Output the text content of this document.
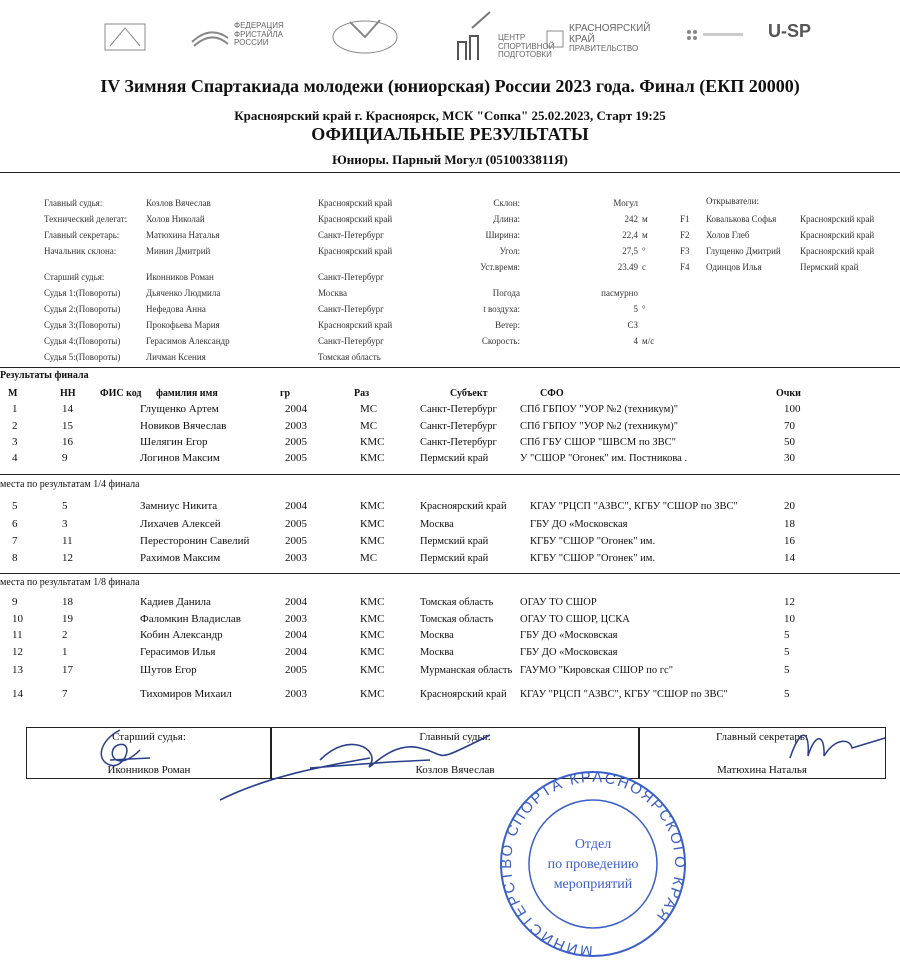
ФЕДЕРАЦИЯ
ФРИСТАЙЛА
РОССИИ
ЦЕНТР
СПОРТИВНОЙ
ПОДГОТОВКИ
КРАСНОЯРСКИЙ
КРАЙ
ПРАВИТЕЛЬСТВО
U-SP
IV Зимняя Спартакиада молодежи (юниорская) России 2023 года. Финал (ЕКП 20000)
Красноярский край г. Красноярск, МСК "Сопка" 25.02.2023, Старт 19:25
ОФИЦИАЛЬНЫЕ РЕЗУЛЬТАТЫ
Юниоры. Парный Могул (0510033811Я)
Главный судья:	Козлов Вячеслав	Красноярский край
Технический делегат: Холов Николай	Красноярский край
Главный секретарь:	Матюхина Наталья	Санкт-Петербург
Начальник склона:	Минин Дмитрий	Красноярский край
Старший судья:	Иконников Роман	Санкт-Петербург
Судья 1:(Повороты)	Дьяченко Людмила	Москва
Судья 2:(Повороты)	Нефедова Анна	Санкт-Петербург
Судья 3:(Повороты)	Прокофьева Мария	Красноярский край
Судья 4:(Повороты)	Герасимов Александр	Санкт-Петербург
Судья 5:(Повороты)	Личман Ксения	Томская область
Склон:	Могул
Длина:	242 м
Ширина:	22,4 м
Угол:	27,5 °
Уст.время:	23.49 с
Погода	пасмурно
t воздуха:	5 °
Ветер:	СЗ
Скорость:	4 м/с
Открыватели:
F1 Ковалькова Софья	Красноярский край
F2 Холов Глеб	Красноярский край
F3 Глущенко Дмитрий Красноярский край
F4 Одинцов Илья	Пермский край
Результаты финала
М	НН ФИС код фамилия имя	гр	Раз	Субъект	СФО	Очки
1	14	Глущенко Артем	2004	МС	Санкт-Петербург	СПб ГБПОУ "УОР №2 (техникум)"	100
2	15	Новиков Вячеслав	2003	МС	Санкт-Петербург	СПб ГБПОУ "УОР №2 (техникум)"	70
3	16	Шелягин Егор	2005	КМС	Санкт-Петербург	СПб ГБУ СШОР "ШВСМ по ЗВС"	50
4	9	Логинов Максим	2005	КМС	Пермский край	У "СШОР "Огонек" им. Постникова .	30
места по результатам 1/4 финала
5	5	Замниус Никита	2004	КМС	Красноярский край	КГАУ "РЦСП "АЗВС", КГБУ "СШОР по ЗВС"	20
6	3	Лихачев Алексей	2005	КМС	Москва	ГБУ ДО «Московская	18
7	11	Пересторонин Савелий	2005	КМС	Пермский край	КГБУ "СШОР "Огонек" им.	16
8	12	Рахимов Максим	2003	МС	Пермский край	КГБУ "СШОР "Огонек" им.	14
места по результатам 1/8 финала
9	18	Кадиев Данила	2004	КМС	Томская область	ОГАУ ТО СШОР	12
10	19	Фаломкин Владислав	2003	КМС	Томская область	ОГАУ ТО СШОР, ЦСКА	10
11	2	Кобин Александр	2004	КМС	Москва	ГБУ ДО «Московская	5
12	1	Герасимов Илья	2004	КМС	Москва	ГБУ ДО «Московская	5
13	17	Шутов Егор	2005	КМС	Мурманская область ГАУМО "Кировская СШОР по гс"	5
14	7	Тихомиров Михаил	2003	КМС	Красноярский край	КГАУ "РЦСП "АЗВС", КГБУ "СШОР по ЗВС"	5
Старший судья:
Иконников Роман
Главный судья:
Козлов Вячеслав
Главный секретарь:
Матюхина Наталья
МИНИСТЕРСТВО СПОРТА КРАСНОЯРСКОГО КРАЯ
Отдел
по проведению
мероприятий
